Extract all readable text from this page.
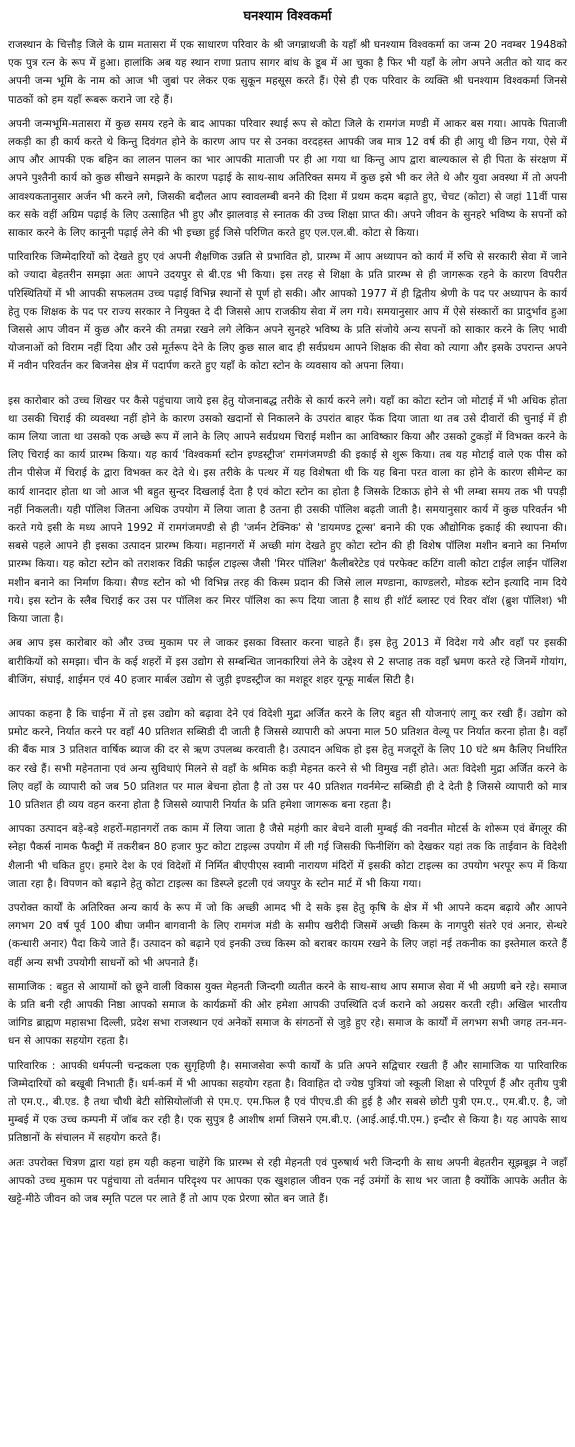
घनश्याम विश्वकर्मा

राजस्थान के चित्तौड़ जिले के ग्राम मतासरा में एक साधारण परिवार के श्री जगन्नाथजी के यहाँ श्री घनश्याम विश्वकर्मा का जन्म 20 नवम्बर 1948को एक पुत्र रत्न के रूप में हुआ। हालांकि अब यह स्थान राणा प्रताप सागर बांध के डूब में आ चुका है फिर भी यहाँ के लोग अपने अतीत को याद कर अपनी जन्म भूमि के नाम को आज भी जुबां पर लेकर एक सुकून महसूस करते हैं। ऐसे ही एक परिवार के व्यक्ति श्री घनश्याम विश्वकर्मा जिनसे पाठकों को हम यहाँ रूबरू कराने जा रहे हैं।

अपनी जन्मभूमि-मतासरा में कुछ समय रहने के बाद आपका परिवार स्थाई रूप से कोटा जिले के रामगंज मण्डी में आकर बस गया। आपके पिताजी लकड़ी का ही कार्य करते थे किन्तु दिवंगत होने के कारण आप पर से उनका वरदहस्त आपकी जब मात्र 12 वर्ष की ही आयु थी छिन गया, ऐसे में आप और आपकी एक बहिन का लालन पालन का भार आपकी माताजी पर ही आ गया था किन्तु आप द्वारा बाल्यकाल से ही पिता के संरक्षण में अपने पुश्तैनी कार्य को कुछ सीखने समझने के कारण पढ़ाई के साथ-साथ अतिरिक्त समय में कुछ इसे भी कर लेते थे और युवा अवस्था में तो अपनी आवश्यकतानुसार अर्जन भी करने लगे, जिसकी बदौलत आप स्वावलम्बी बनने की दिशा में प्रथम कदम बढ़ाते हुए, चेचट (कोटा) से जहां 11वीं पास कर सके वहीं अग्रिम पढ़ाई के लिए उत्साहित भी हुए और झालवाड़ से स्नातक की उच्च शिक्षा प्राप्त की। अपने जीवन के सुनहरे भविष्य के सपनों को साकार करने के लिए कानूनी पढ़ाई लेने की भी इच्छा हुई जिसे परिणित करते हुए एल.एल.बी. कोटा से किया।

पारिवारिक जिम्मेदारियों को देखते हुए एवं अपनी शैक्षणिक उन्नति से प्रभावित हो, प्रारम्भ में आप अध्यापन को कार्य में रुचि से सरकारी सेवा में जाने को ज्यादा बेहतरीन समझा अतः आपने उदयपुर से बी.एड भी किया। इस तरह से शिक्षा के प्रति प्रारम्भ से ही जागरूक रहने के कारण विपरीत परिस्थितियों में भी आपकी सफलतम उच्च पढ़ाई विभिन्न स्थानों से पूर्ण हो सकी। और आपको 1977 में ही द्वितीय श्रेणी के पद पर अध्यापन के कार्य हेतु एक शिक्षक के पद पर राज्य सरकार ने नियुक्त दे दी जिससे आप राजकीय सेवा में लग गये। समयानुसार आप में ऐसे संस्कारों का प्रादुर्भाव हुआ जिससे आप जीवन में कुछ और करने की तमन्ना रखने लगे लेकिन अपने सुनहरे भविष्य के प्रति संजोये अन्य सपनों को साकार करने के लिए भावी योजनाओं को विराम नहीं दिया और उसे मूर्तरूप देने के लिए कुछ साल बाद ही सर्वप्रथम आपने शिक्षक की सेवा को त्यागा और इसके उपरान्त अपने में नवीन परिवर्तन कर बिजनेस क्षेत्र में पदार्पण करते हुए यहाँ के कोटा स्टोन के व्यवसाय को अपना लिया।

इस कारोबार को उच्च शिखर पर कैसे पहुंचाया जाये इस हेतु योजनाबद्ध तरीके से कार्य करने लगे। यहाँ का कोटा स्टोन जो मोटाई में भी अधिक होता था उसकी चिराई की व्यवस्था नहीं होने के कारण उसको खदानों से निकालने के उपरांत बाहर फेंक दिया जाता था तब उसे दीवारों की चुनाई में ही काम लिया जाता था उसको एक अच्छे रूप में लाने के लिए आपने सर्वप्रथम चिराई मशीन का आविष्कार किया और उसको टुकड़ों में विभक्त करने के लिए चिराई का कार्य प्रारम्भ किया। यह कार्य 'विश्वकर्मा स्टोन इण्डस्ट्रीज' रामगंजमण्डी की इकाई से शुरू किया। तब यह मोटाई वाले एक पीस को तीन पीसेज में चिराई के द्वारा विभक्त कर देते थे। इस तरीके के पत्थर में यह विशेषता थी कि यह बिना परत वाला का होने के कारण सीमेन्ट का कार्य शानदार होता था जो आज भी बहुत सुन्दर दिखलाई देता है एवं कोटा स्टोन का होता है जिसके टिकाऊ होने से भी लम्बा समय तक भी पपड़ी नहीं निकलती। यही पॉलिश जितना अधिक उपयोग में लिया जाता है उतना ही उसकी पॉलिश बढ़ती जाती है। समयानुसार कार्य में कुछ परिवर्तन भी करते गये इसी के मध्य आपने 1992 में रामगंजमण्डी से ही 'जर्मन टेक्निक' से 'डायमण्ड टूल्स' बनाने की एक औद्योगिक इकाई की स्थापना की। सबसे पहले आपने ही इसका उत्पादन प्रारम्भ किया। महानगरों में अच्छी मांग देखते हुए कोटा स्टोन की ही विशेष पॉलिश मशीन बनाने का निर्माण प्रारम्भ किया। यह कोटा स्टोन को तराशकर विक्री फाईल टाइल्स जैसी 'मिरर पॉलिश' कैलीबरेटेड एवं परफेक्ट कटिंग वाली कोटा टाईल लाईन पॉलिश मशीन बनाने का निर्माण किया। सैण्ड स्टोन को भी विभिन्न तरह की किस्म प्रदान की जिसे लाल मण्डाना, काण्डलरो, मोडक स्टोन इत्यादि नाम दिये गये। इस स्टोन के स्लैब चिराई कर उस पर पॉलिश कर मिरर पॉलिश का रूप दिया जाता है साथ ही शॉर्ट ब्लास्ट एवं रिवर वॉश (ब्रुश पॉलिश) भी किया जाता है।

अब आप इस कारोबार को और उच्च मुकाम पर ले जाकर इसका विस्तार करना चाहते हैं। इस हेतु 2013 में विदेश गये और वहाँ पर इसकी बारीकियों को समझा। चीन के कई शहरों में इस उद्योग से सम्बन्धित जानकारियां लेने के उद्देश्य से 2 सप्ताह तक वहाँ भ्रमण करते रहे जिनमें गोयांग, बीजिंग, संघाई, शाईमन एवं 40 हजार मार्बल उद्योग से जुड़ी इण्डस्ट्रीज का मशहूर शहर यून्फू मार्बल सिटी है।

आपका कहना है कि चाईना में तो इस उद्योग को बढ़ावा देने एवं विदेशी मुद्रा अर्जित करने के लिए बहुत सी योजनाएं लागू कर रखी हैं। उद्योग को प्रमोट करने, निर्यात करने पर वहाँ 40 प्रतिशत सब्सिडी दी जाती है जिससे व्यापारी को अपना माल 50 प्रतिशत वेल्यू पर निर्यात करना होता है। वहाँ की बैंक मात्र 3 प्रतिशत वार्षिक ब्याज की दर से ऋण उपलब्ध करवाती है। उत्पादन अधिक हो इस हेतु मजदूरों के लिए 10 घंटे श्रम कैलिए निर्धारित कर रखे हैं। सभी महेनताना एवं अन्य सुविधाएं मिलने से वहाँ के श्रमिक कड़ी मेहनत करने से भी विमुख नहीं होते। अतः विदेशी मुद्रा अर्जित करने के लिए वहाँ के व्यापारी को जब 50 प्रतिशत पर माल बेचना होता है तो उस पर 40 प्रतिशत गवर्नमेन्ट सब्सिडी ही दे देती है जिससे व्यापारी को मात्र 10 प्रतिशत ही व्यय वहन करना होता है जिससे व्यापारी निर्यात के प्रति हमेशा जागरूक बना रहता है।

आपका उत्पादन बड़े-बड़े शहरों-महानगरों तक काम में लिया जाता है जैसे महंगी कार बेचने वाली मुम्बई की नवनीत मोटर्स के शोरूम एवं बेंगलूर की स्नेहा पैकर्स नामक फैक्ट्री में तकरीबन 80 हजार फुट कोटा टाइल्स उपयोग में ली गई जिसकी फिनीशिंग को देखकर यहां तक कि ताईवान के विदेशी शैलानी भी चकित हुए। हमारे देश के एवं विदेशों में निर्मित बीएपीएस स्वामी नारायण मंदिरों में इसकी कोटा टाइल्स का उपयोग भरपूर रूप में किया जाता रहा है। विपणन को बढ़ाने हेतु कोटा टाइल्स का डिस्प्ले इटली एवं जयपुर के स्टोन मार्ट में भी किया गया।

उपरोक्त कार्यों के अतिरिक्त अन्य कार्य के रूप में जो कि अच्छी आमद भी दे सके इस हेतु कृषि के क्षेत्र में भी आपने कदम बढ़ाये और आपने लगभग 20 वर्ष पूर्व 100 बीघा जमीन बागवानी के लिए रामगंज मंडी के समीप खरीदी जिसमें अच्छी किस्म के नागपुरी संतरे एवं अनार, सेन्धरे (कन्धारी अनार) पैदा किये जाते हैं। उत्पादन को बढ़ाने एवं इनकी उच्च किस्म को बराबर कायम रखने के लिए जहां नई तकनीक का इस्तेमाल करते हैं वहीं अन्य सभी उपयोगी साधनों को भी अपनाते हैं।

सामाजिक : बहुत से आयामों को छूने वाली विकास युक्त मेहनती जिन्दगी व्यतीत करने के साथ-साथ आप समाज सेवा में भी अग्रणी बने रहे। समाज के प्रति बनी रही आपकी निष्ठा आपको समाज के कार्यक्रमों की ओर हमेशा आपकी उपस्थिति दर्ज कराने को अग्रसर करती रही। अखिल भारतीय जांगिड ब्राह्मण महासभा दिल्ली, प्रदेश सभा राजस्थान एवं अनेकों समाज के संगठनों से जुड़े हुए रहे। समाज के कार्यों में लगभग सभी जगह तन-मन-धन से आपका सहयोग रहता है।

पारिवारिक : आपकी धर्मपत्नी चन्द्रकला एक सुगृहिणी है। समाजसेवा रूपी कार्यों के प्रति अपने सद्विचार रखती हैं और सामाजिक या पारिवारिक जिम्मेदारियों को बखूबी निभाती हैं। धर्म-कर्म में भी आपका सहयोग रहता है। विवाहित दो ज्येष्ठ पुत्रियां जो स्कूली शिक्षा से परिपूर्ण हैं और तृतीय पुत्री तो एम.ए., बी.एड. है तथा चौथी बेटी सोसियोलॉजी से एम.ए. एम.फिल है एवं पीएच.डी की हुई है और सबसे छोटी पुत्री एम.ए., एम.बी.ए. है, जो मुम्बई में एक उच्च कम्पनी में जॉब कर रही है। एक सुपुत्र है आशीष शर्मा जिसने एम.बी.ए. (आई.आई.पी.एम.) इन्दौर से किया है। यह आपके साथ प्रतिष्ठानों के संचालन में सहयोग करते हैं।

अतः उपरोक्त चित्रण द्वारा यहां हम यही कहना चाहेंगे कि प्रारम्भ से रही मेहनती एवं पुरुषार्थ भरी जिन्दगी के साथ अपनी बेहतरीन सूझबूझ ने जहाँ आपको उच्च मुकाम पर पहुंचाया तो वर्तमान परिदृश्य पर आपका एक खुशहाल जीवन एक नई उमंगों के साथ भर जाता है क्योंकि आपके अतीत के खट्टे-मीठे जीवन को जब स्मृति पटल पर लाते हैं तो आप एक प्रेरणा स्रोत बन जाते हैं।
